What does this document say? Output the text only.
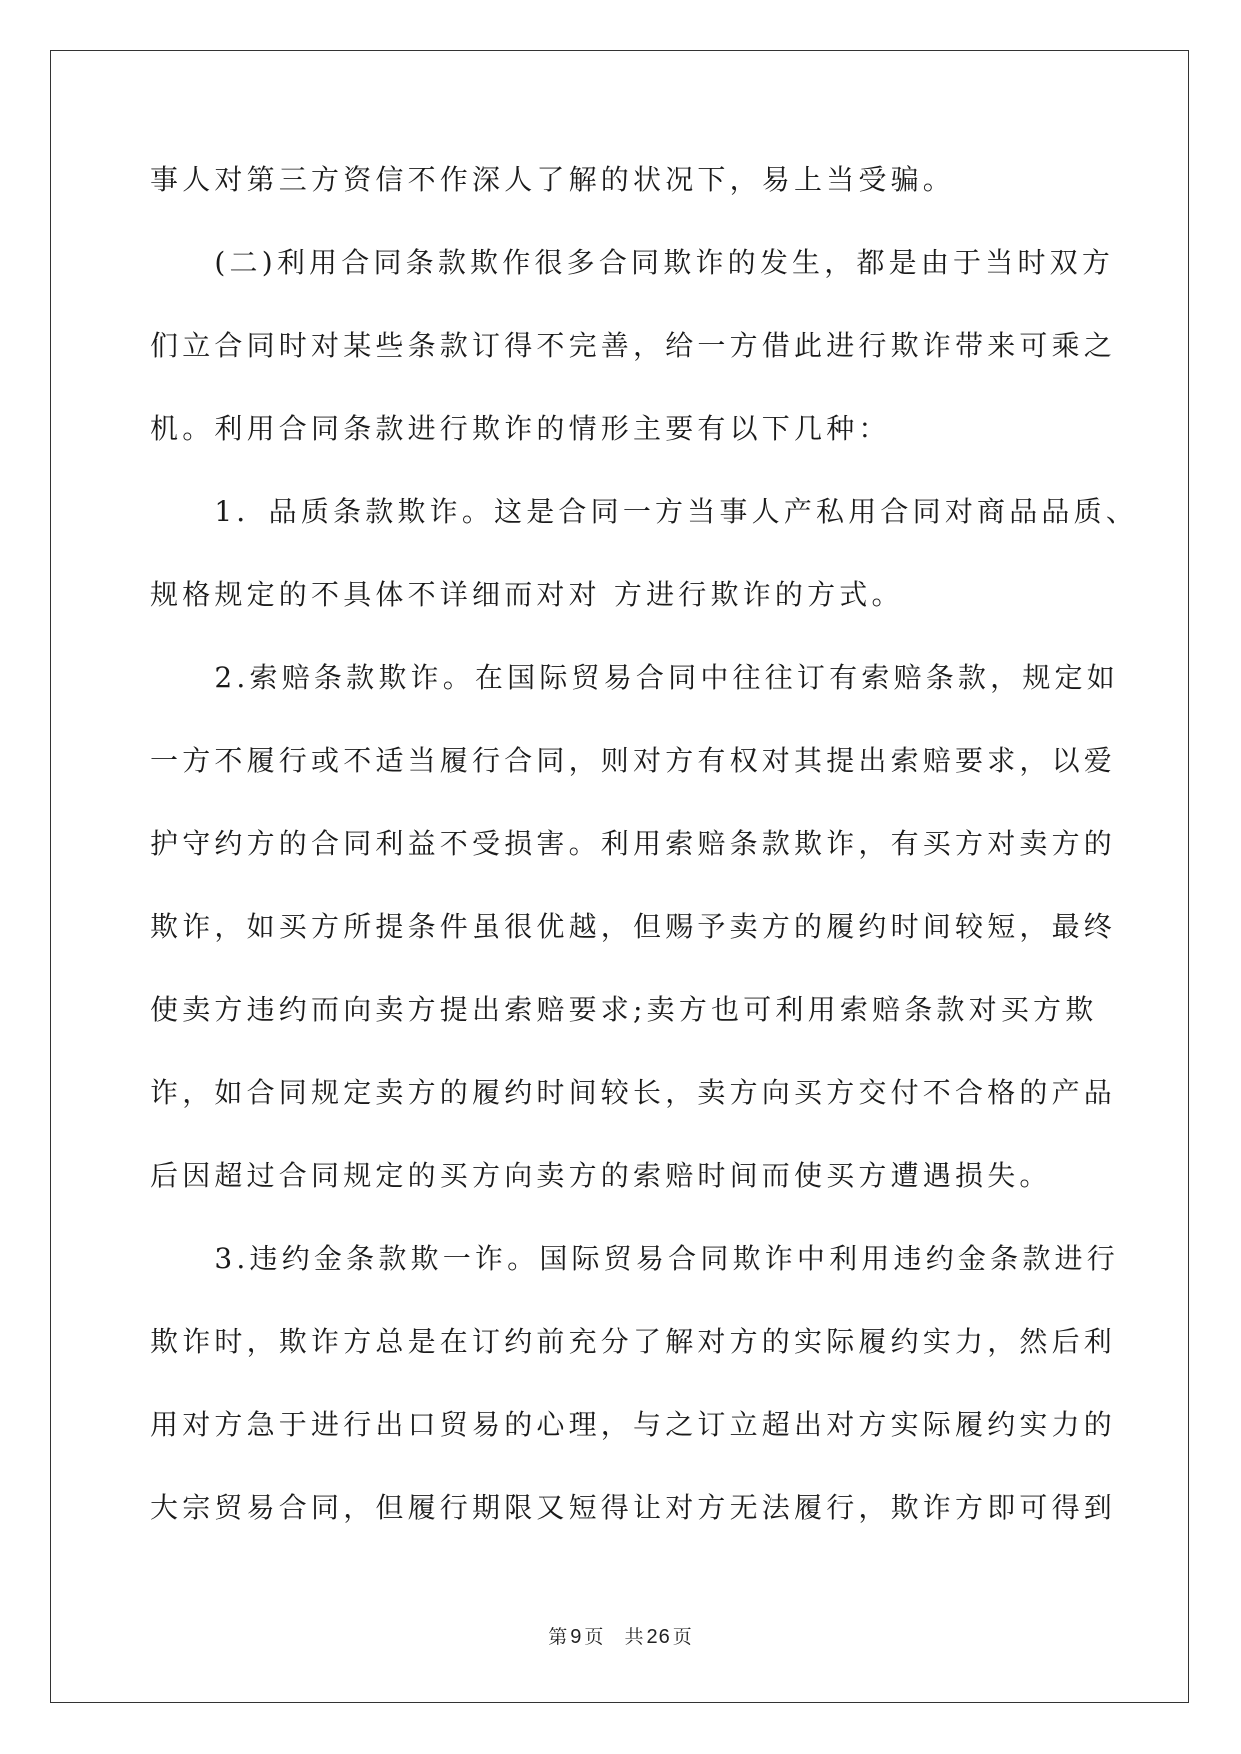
事人对第三方资信不作深人了解的状况下，易上当受骗。
　　(二)利用合同条款欺作很多合同欺诈的发生，都是由于当时双方
们立合同时对某些条款订得不完善，给一方借此进行欺诈带来可乘之
机。利用合同条款进行欺诈的情形主要有以下几种：
　　1．品质条款欺诈。这是合同一方当事人产私用合同对商品品质、
规格规定的不具体不详细而对对 方进行欺诈的方式。
　　2.索赔条款欺诈。在国际贸易合同中往往订有索赔条款，规定如
一方不履行或不适当履行合同，则对方有权对其提出索赔要求，以爱
护守约方的合同利益不受损害。利用索赔条款欺诈，有买方对卖方的
欺诈，如买方所提条件虽很优越，但赐予卖方的履约时间较短，最终
使卖方违约而向卖方提出索赔要求;卖方也可利用索赔条款对买方欺
诈，如合同规定卖方的履约时间较长，卖方向买方交付不合格的产品
后因超过合同规定的买方向卖方的索赔时间而使买方遭遇损失。
　　3.违约金条款欺一诈。国际贸易合同欺诈中利用违约金条款进行
欺诈时，欺诈方总是在订约前充分了解对方的实际履约实力，然后利
用对方急于进行出口贸易的心理，与之订立超出对方实际履约实力的
大宗贸易合同，但履行期限又短得让对方无法履行，欺诈方即可得到
第 9 页 共 26 页
